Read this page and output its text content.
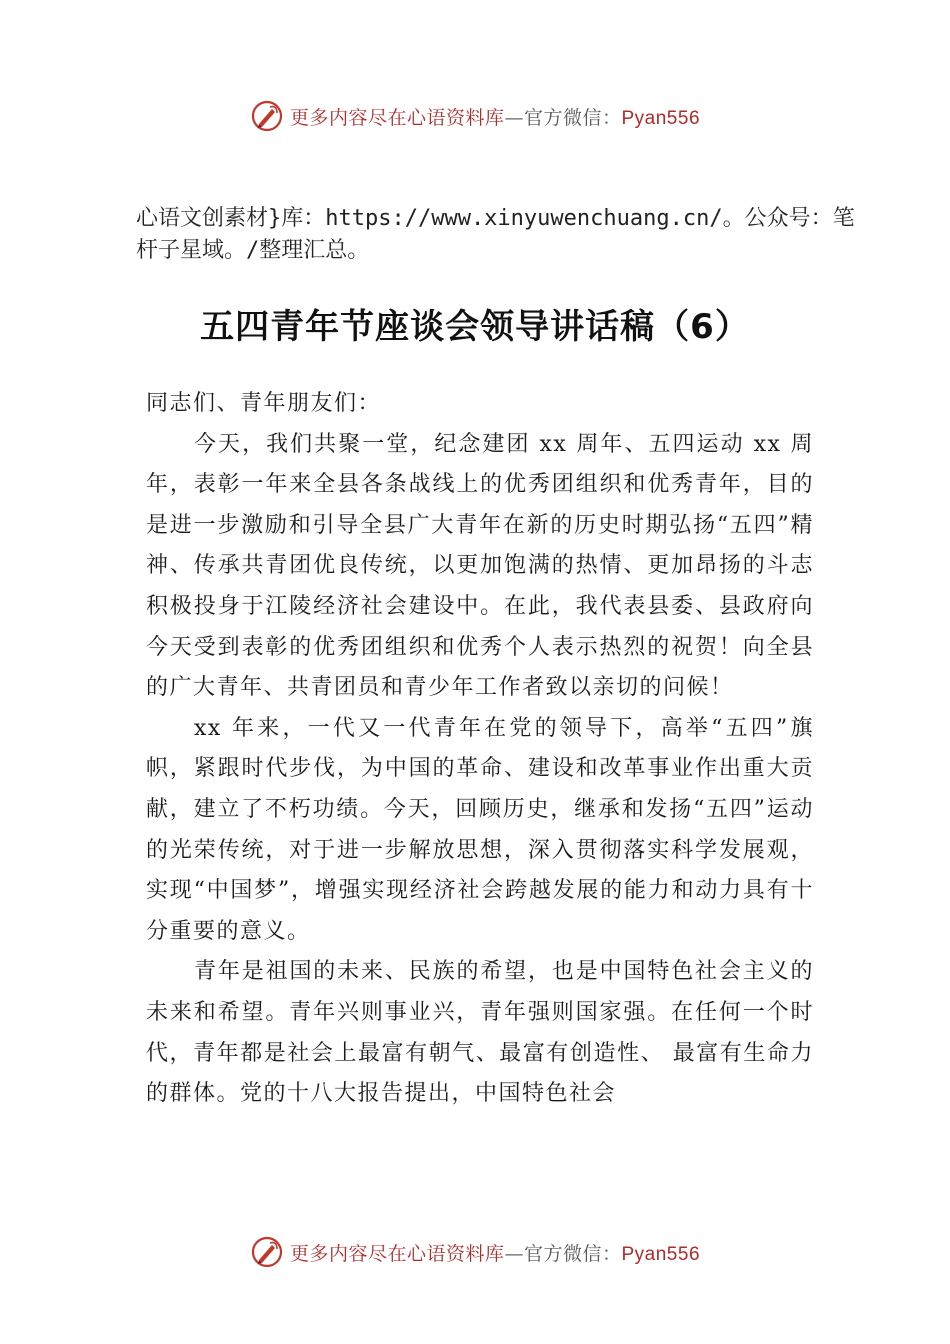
更多内容尽在心语资料库—官方微信：Pyan556
心语文创素材}库：https://www.xinyuwenchuang.cn/。公众号：笔杆子星域。/整理汇总。
五四青年节座谈会领导讲话稿（6）

同志们、青年朋友们：

今天，我们共聚一堂，纪念建团 xx 周年、五四运动 xx 周年，表彰一年来全县各条战线上的优秀团组织和优秀青年，目的是进一步激励和引导全县广大青年在新的历史时期弘扬“五四”精神、传承共青团优良传统，以更加饱满的热情、更加昂扬的斗志积极投身于江陵经济社会建设中。在此，我代表县委、县政府向今天受到表彰的优秀团组织和优秀个人表示热烈的祝贺！向全县的广大青年、共青团员和青少年工作者致以亲切的问候！

xx 年来，一代又一代青年在党的领导下，高举“五四”旗帜，紧跟时代步伐，为中国的革命、建设和改革事业作出重大贡献，建立了不朽功绩。今天，回顾历史，继承和发扬“五四”运动的光荣传统，对于进一步解放思想，深入贯彻落实科学发展观，实现“中国梦”，增强实现经济社会跨越发展的能力和动力具有十分重要的意义。

青年是祖国的未来、民族的希望，也是中国特色社会主义的未来和希望。青年兴则事业兴，青年强则国家强。在任何一个时代，青年都是社会上最富有朝气、最富有创造性、 最富有生命力的群体。党的十八大报告提出，中国特色社会

更多内容尽在心语资料库—官方微信：Pyan556
